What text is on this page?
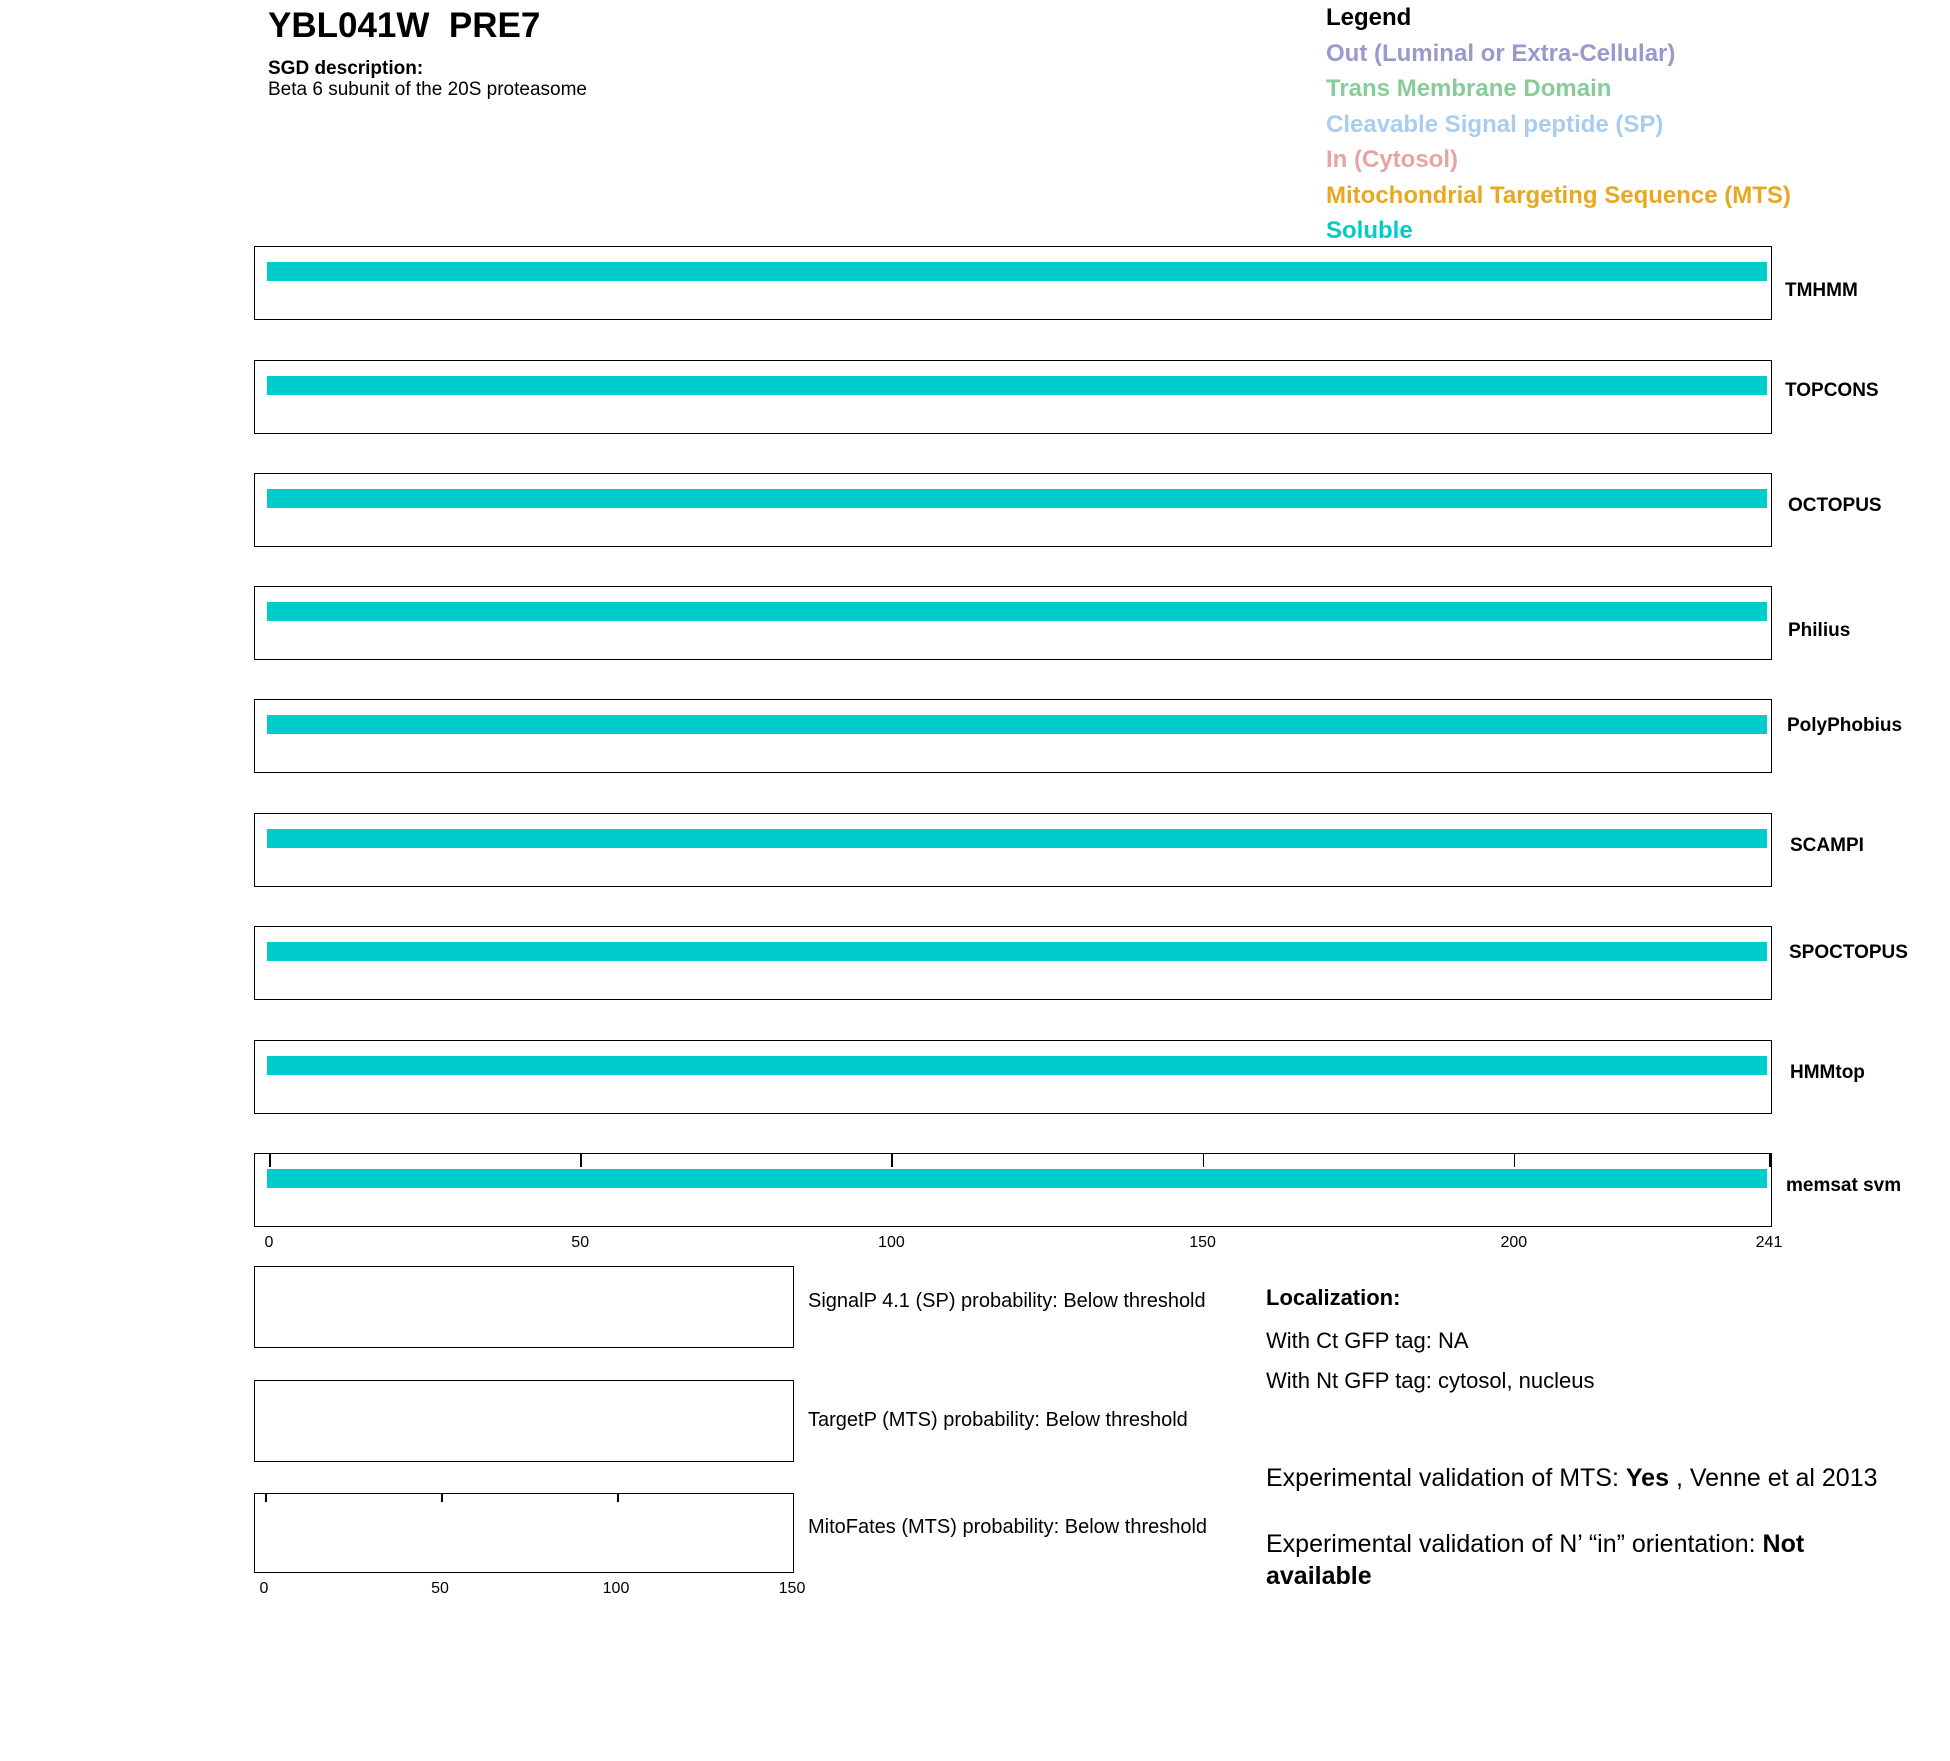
YBL041W  PRE7
SGD description:
Beta 6 subunit of the 20S proteasome
Legend
Out (Luminal or Extra-Cellular)
Trans Membrane Domain
Cleavable Signal peptide (SP)
In (Cytosol)
Mitochondrial Targeting Sequence (MTS)
Soluble
TMHMM
TOPCONS
OCTOPUS
Philius
PolyPhobius
SCAMPI
SPOCTOPUS
HMMtop
memsat svm
0	50	100	150	200	241
SignalP 4.1 (SP) probability: Below threshold
TargetP (MTS) probability: Below threshold
MitoFates (MTS) probability: Below threshold
0	50	100	150
Localization:
With Ct GFP tag: NA
With Nt GFP tag: cytosol, nucleus
Experimental validation of MTS: Yes , Venne et al 2013
Experimental validation of N’ “in” orientation: Not available
